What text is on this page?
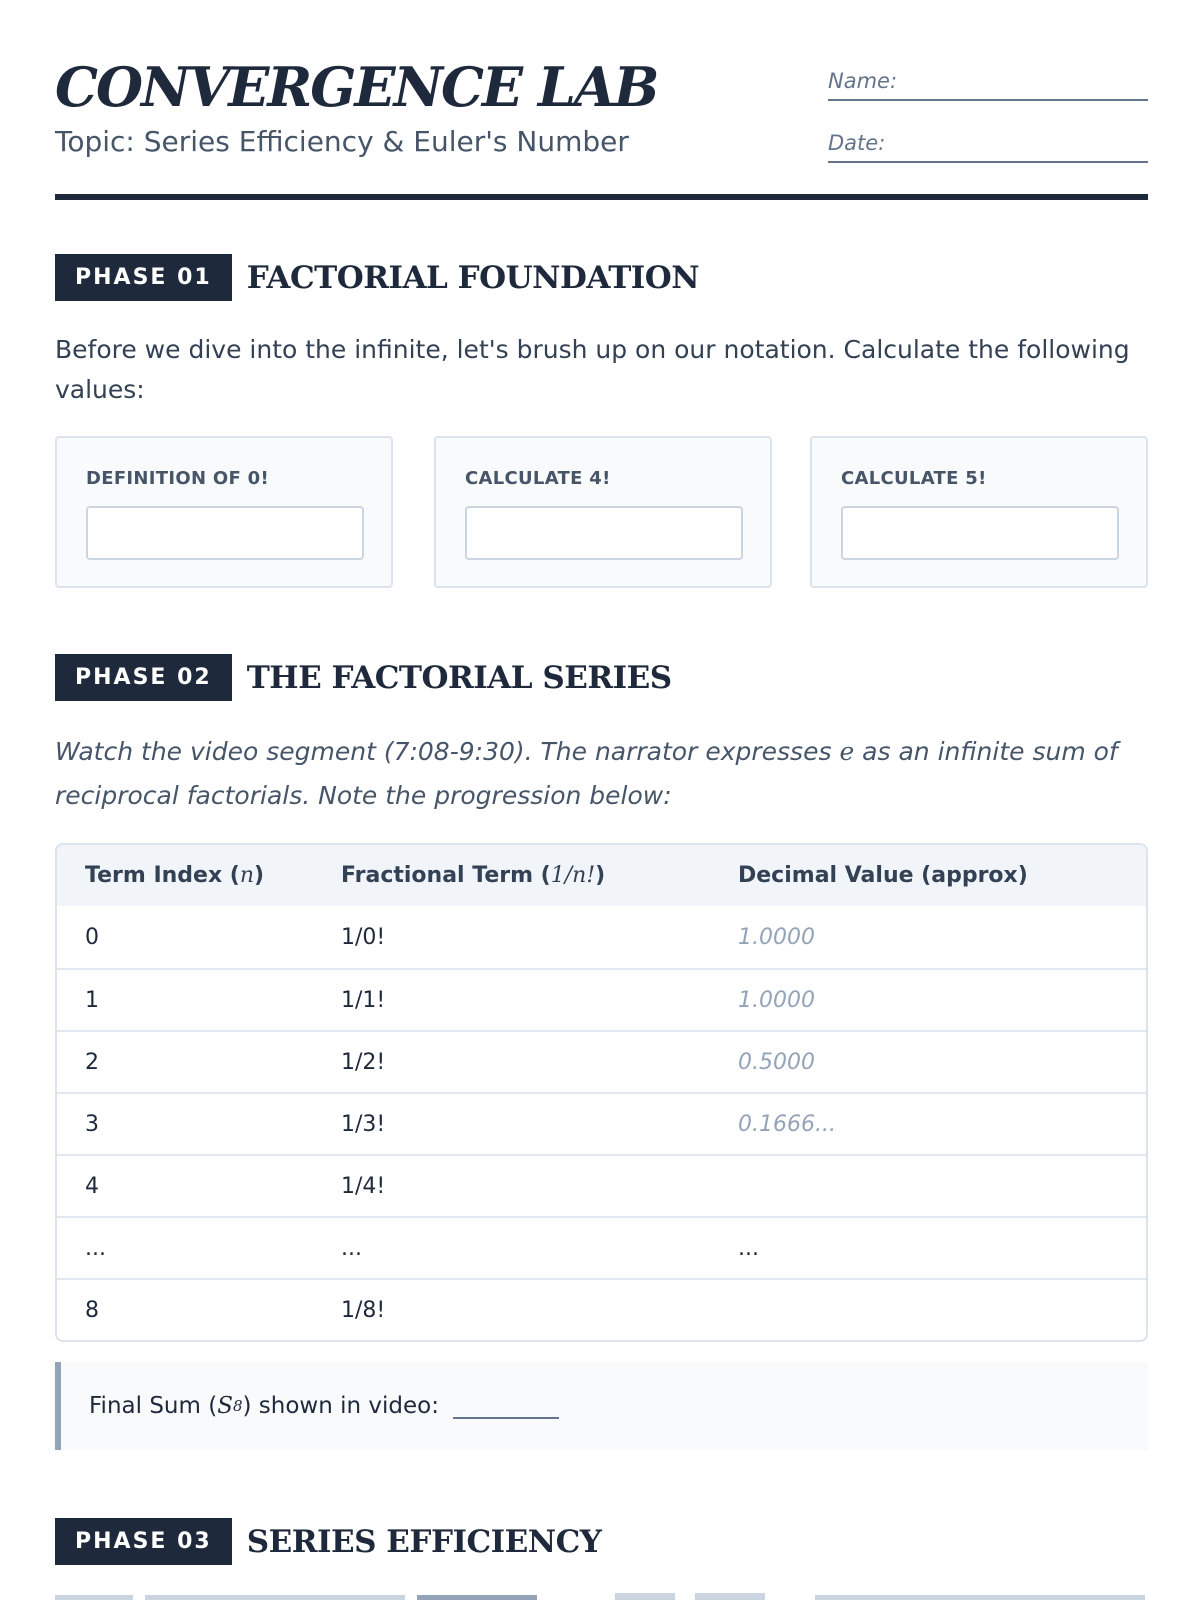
CONVERGENCE LAB
Topic: Series Efficiency & Euler's Number
Name:
Date:
PHASE 01	FACTORIAL FOUNDATION
Before we dive into the infinite, let's brush up on our notation. Calculate the following values:
DEFINITION OF 0!	CALCULATE 4!	CALCULATE 5!
PHASE 02	THE FACTORIAL SERIES
Watch the video segment (7:08-9:30). The narrator expresses e as an infinite sum of reciprocal factorials. Note the progression below:
Term Index (n)	Fractional Term (1/n!)	Decimal Value (approx)
0	1/0!	1.0000
1	1/1!	1.0000
2	1/2!	0.5000
3	1/3!	0.1666...
4	1/4!
...	...	...
8	1/8!
Final Sum ( S 8 ) shown in video:
PHASE 03	SERIES EFFICIENCY
